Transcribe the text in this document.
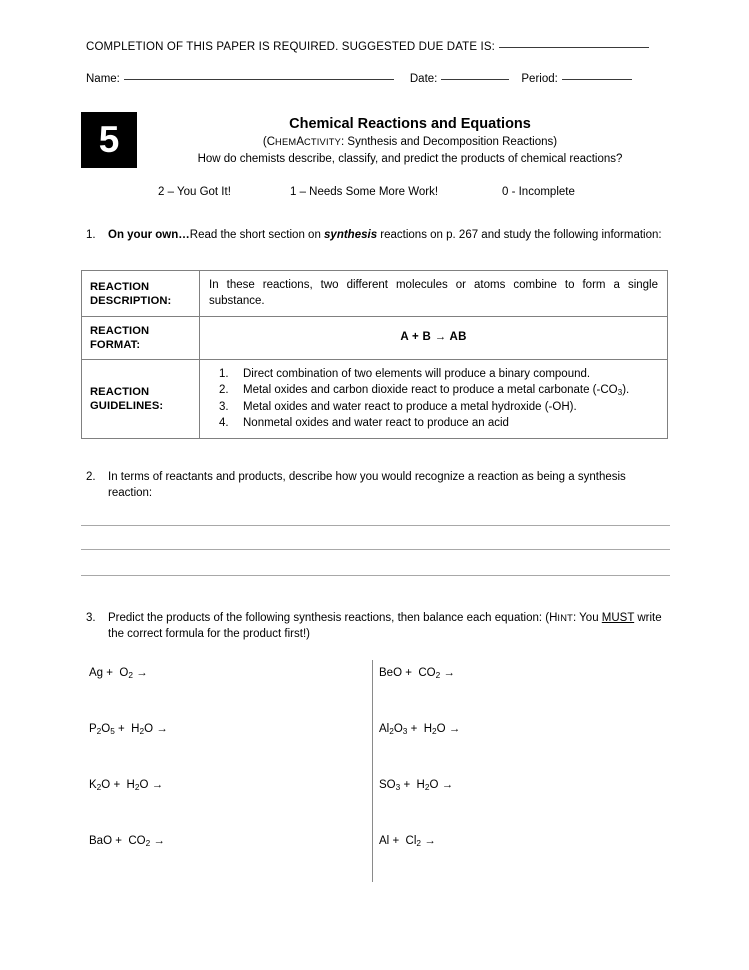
COMPLETION OF THIS PAPER IS REQUIRED. SUGGESTED DUE DATE IS:
Name:	Date:	Period:
5	Chemical Reactions and Equations
(CHEMACTIVITY: Synthesis and Decomposition Reactions)
How do chemists describe, classify, and predict the products of chemical reactions?
2 – You Got It!	1 – Needs Some More Work!	0 - Incomplete
1.	On your own…Read the short section on synthesis reactions on p. 267 and study the following information:
REACTION
DESCRIPTION:	In these reactions, two different molecules or atoms combine to form a single substance.

REACTION
FORMAT:	A + B → AB

REACTION
GUIDELINES:

1. Direct combination of two elements will produce a binary compound.
2. Metal oxides and carbon dioxide react to produce a metal carbonate $(-CO_3)$.
3. Metal oxides and water react to produce a metal hydroxide (-OH).
4. Nonmetal oxides and water react to produce an acid
2.	In terms of reactants and products, describe how you would recognize a reaction as being a synthesis reaction:
3.	Predict the products of the following synthesis reactions, then balance each equation: (HINT: You MUST write the correct formula for the product first!)
$Ag + O_2$ →
$P_2O_5 + H_2O$ →
$K_2O + H_2O$ →
BaO + $CO_2$ →
BeO + $CO_2$ →
$Al_2O_3 + H_2O$ →
$SO_3 + H_2O$ →
$Al + Cl_2$ →
